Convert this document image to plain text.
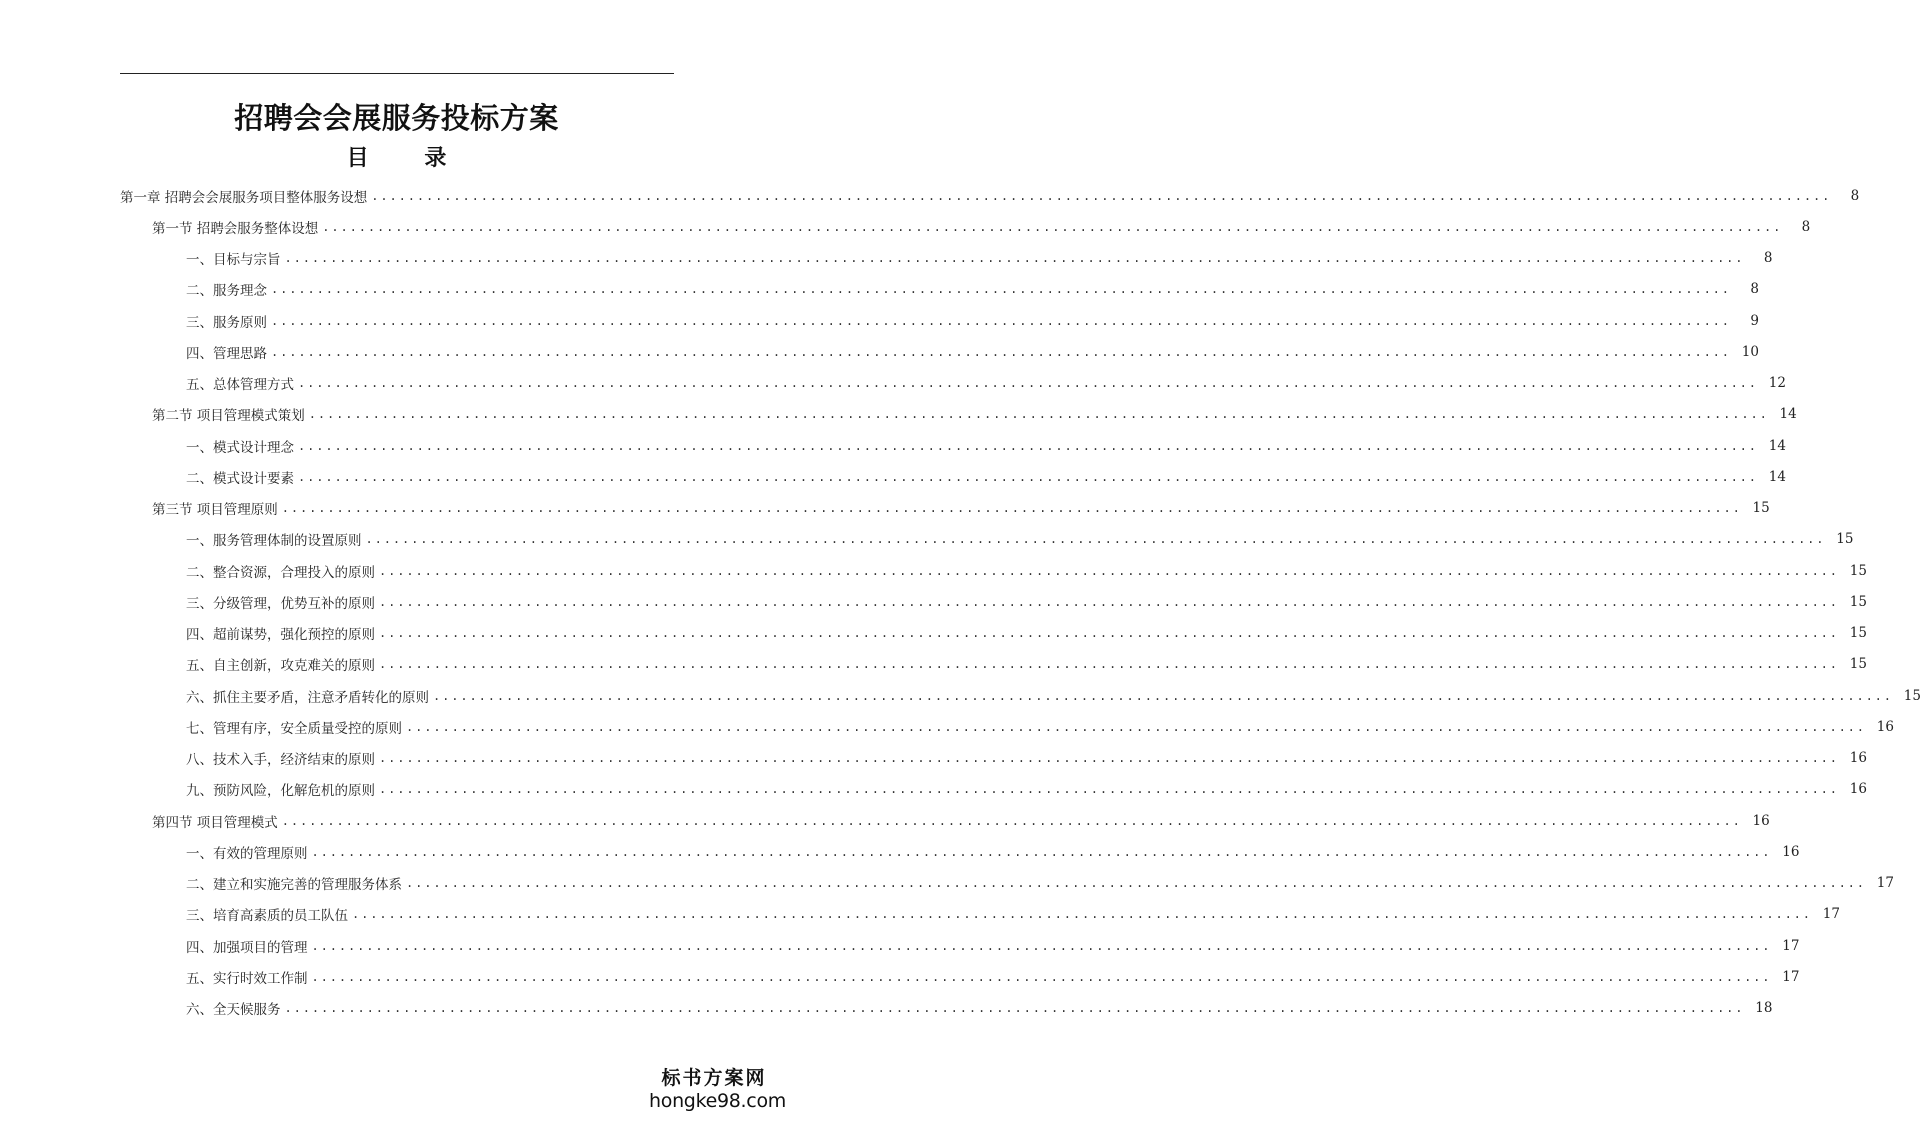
招聘会会展服务投标方案
目 录
第一章 招聘会会展服务项目整体服务设想 ................................................................................................................................................................	8
第一节 招聘会服务整体设想 ................................................................................................................................................................	8
一、目标与宗旨 ................................................................................................................................................................	8
二、服务理念 ................................................................................................................................................................	8
三、服务原则 ................................................................................................................................................................	9
四、管理思路 ................................................................................................................................................................ 10
五、总体管理方式 ................................................................................................................................................................ 12
第二节 项目管理模式策划 ................................................................................................................................................................ 14
一、模式设计理念 ................................................................................................................................................................ 14
二、模式设计要素 ................................................................................................................................................................ 14
第三节 项目管理原则 ................................................................................................................................................................ 15
一、服务管理体制的设置原则 ................................................................................................................................................................ 15
二、整合资源，合理投入的原则 ................................................................................................................................................................ 15
三、分级管理，优势互补的原则 ................................................................................................................................................................ 15
四、超前谋势，强化预控的原则 ................................................................................................................................................................ 15
五、自主创新，攻克难关的原则 ................................................................................................................................................................ 15
六、抓住主要矛盾，注意矛盾转化的原则 ................................................................................................................................................................ 15
七、管理有序，安全质量受控的原则 ................................................................................................................................................................ 16
八、技术入手，经济结束的原则 ................................................................................................................................................................ 16
九、预防风险，化解危机的原则 ................................................................................................................................................................ 16
第四节 项目管理模式 ................................................................................................................................................................ 16
一、有效的管理原则 ................................................................................................................................................................ 16
二、建立和实施完善的管理服务体系 ................................................................................................................................................................ 17
三、培育高素质的员工队伍 ................................................................................................................................................................ 17
四、加强项目的管理 ................................................................................................................................................................ 17
五、实行时效工作制 ................................................................................................................................................................ 17
六、全天候服务 ................................................................................................................................................................ 18
标书方案网
hongke98.com
